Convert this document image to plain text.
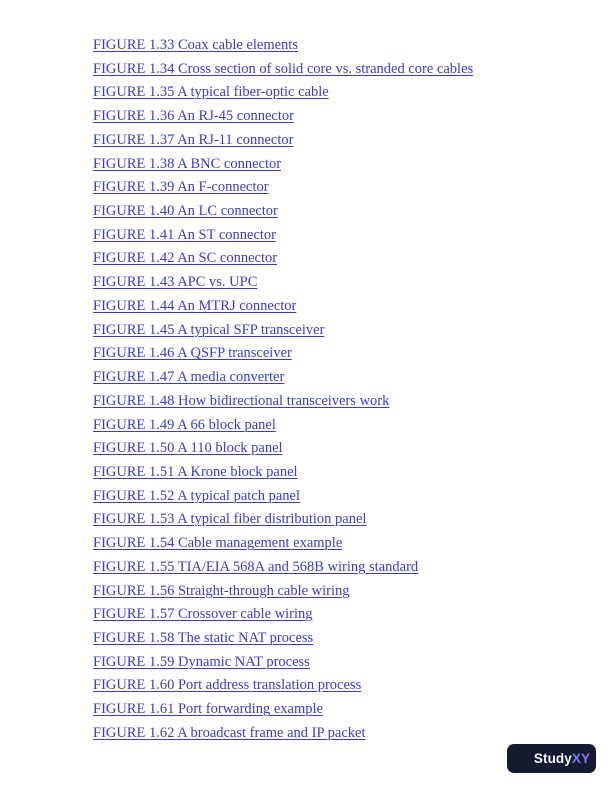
FIGURE 1.33 Coax cable elements
FIGURE 1.34 Cross section of solid core vs. stranded core cables
FIGURE 1.35 A typical fiber-optic cable
FIGURE 1.36 An RJ-45 connector
FIGURE 1.37 An RJ-11 connector
FIGURE 1.38 A BNC connector
FIGURE 1.39 An F-connector
FIGURE 1.40 An LC connector
FIGURE 1.41 An ST connector
FIGURE 1.42 An SC connector
FIGURE 1.43 APC vs. UPC
FIGURE 1.44 An MTRJ connector
FIGURE 1.45 A typical SFP transceiver
FIGURE 1.46 A QSFP transceiver
FIGURE 1.47 A media converter
FIGURE 1.48 How bidirectional transceivers work
FIGURE 1.49 A 66 block panel
FIGURE 1.50 A 110 block panel
FIGURE 1.51 A Krone block panel
FIGURE 1.52 A typical patch panel
FIGURE 1.53 A typical fiber distribution panel
FIGURE 1.54 Cable management example
FIGURE 1.55 TIA/EIA 568A and 568B wiring standard
FIGURE 1.56 Straight-through cable wiring
FIGURE 1.57 Crossover cable wiring
FIGURE 1.58 The static NAT process
FIGURE 1.59 Dynamic NAT process
FIGURE 1.60 Port address translation process
FIGURE 1.61 Port forwarding example
FIGURE 1.62 A broadcast frame and IP packet
StudyXY
